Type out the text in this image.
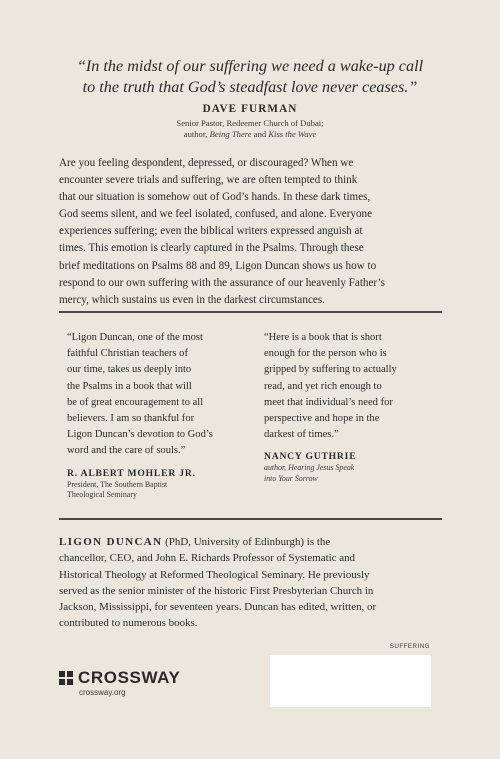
“In the midst of our suffering we need a wake-up call
to the truth that God’s steadfast love never ceases.”
DAVE FURMAN
Senior Pastor, Redeemer Church of Dubai;
author, Being There and Kiss the Wave
Are you feeling despondent, depressed, or discouraged? When we
encounter severe trials and suffering, we are often tempted to think
that our situation is somehow out of God’s hands. In these dark times,
God seems silent, and we feel isolated, confused, and alone. Everyone
experiences suffering; even the biblical writers expressed anguish at
times. This emotion is clearly captured in the Psalms. Through these
brief meditations on Psalms 88 and 89, Ligon Duncan shows us how to
respond to our own suffering with the assurance of our heavenly Father’s
mercy, which sustains us even in the darkest circumstances.
“Ligon Duncan, one of the most
faithful Christian teachers of
our time, takes us deeply into
the Psalms in a book that will
be of great encouragement to all
believers. I am so thankful for
Ligon Duncan’s devotion to God’s
word and the care of souls.”
R. ALBERT MOHLER JR.
President, The Southern Baptist
Theological Seminary
“Here is a book that is short
enough for the person who is
gripped by suffering to actually
read, and yet rich enough to
meet that individual’s need for
perspective and hope in the
darkest of times.”
NANCY GUTHRIE
author, Hearing Jesus Speak
into Your Sorrow
LIGON DUNCAN (PhD, University of Edinburgh) is the
chancellor, CEO, and John E. Richards Professor of Systematic and
Historical Theology at Reformed Theological Seminary. He previously
served as the senior minister of the historic First Presbyterian Church in
Jackson, Mississippi, for seventeen years. Duncan has edited, written, or
contributed to numerous books.
CROSSWAY
crossway.org
SUFFERING
